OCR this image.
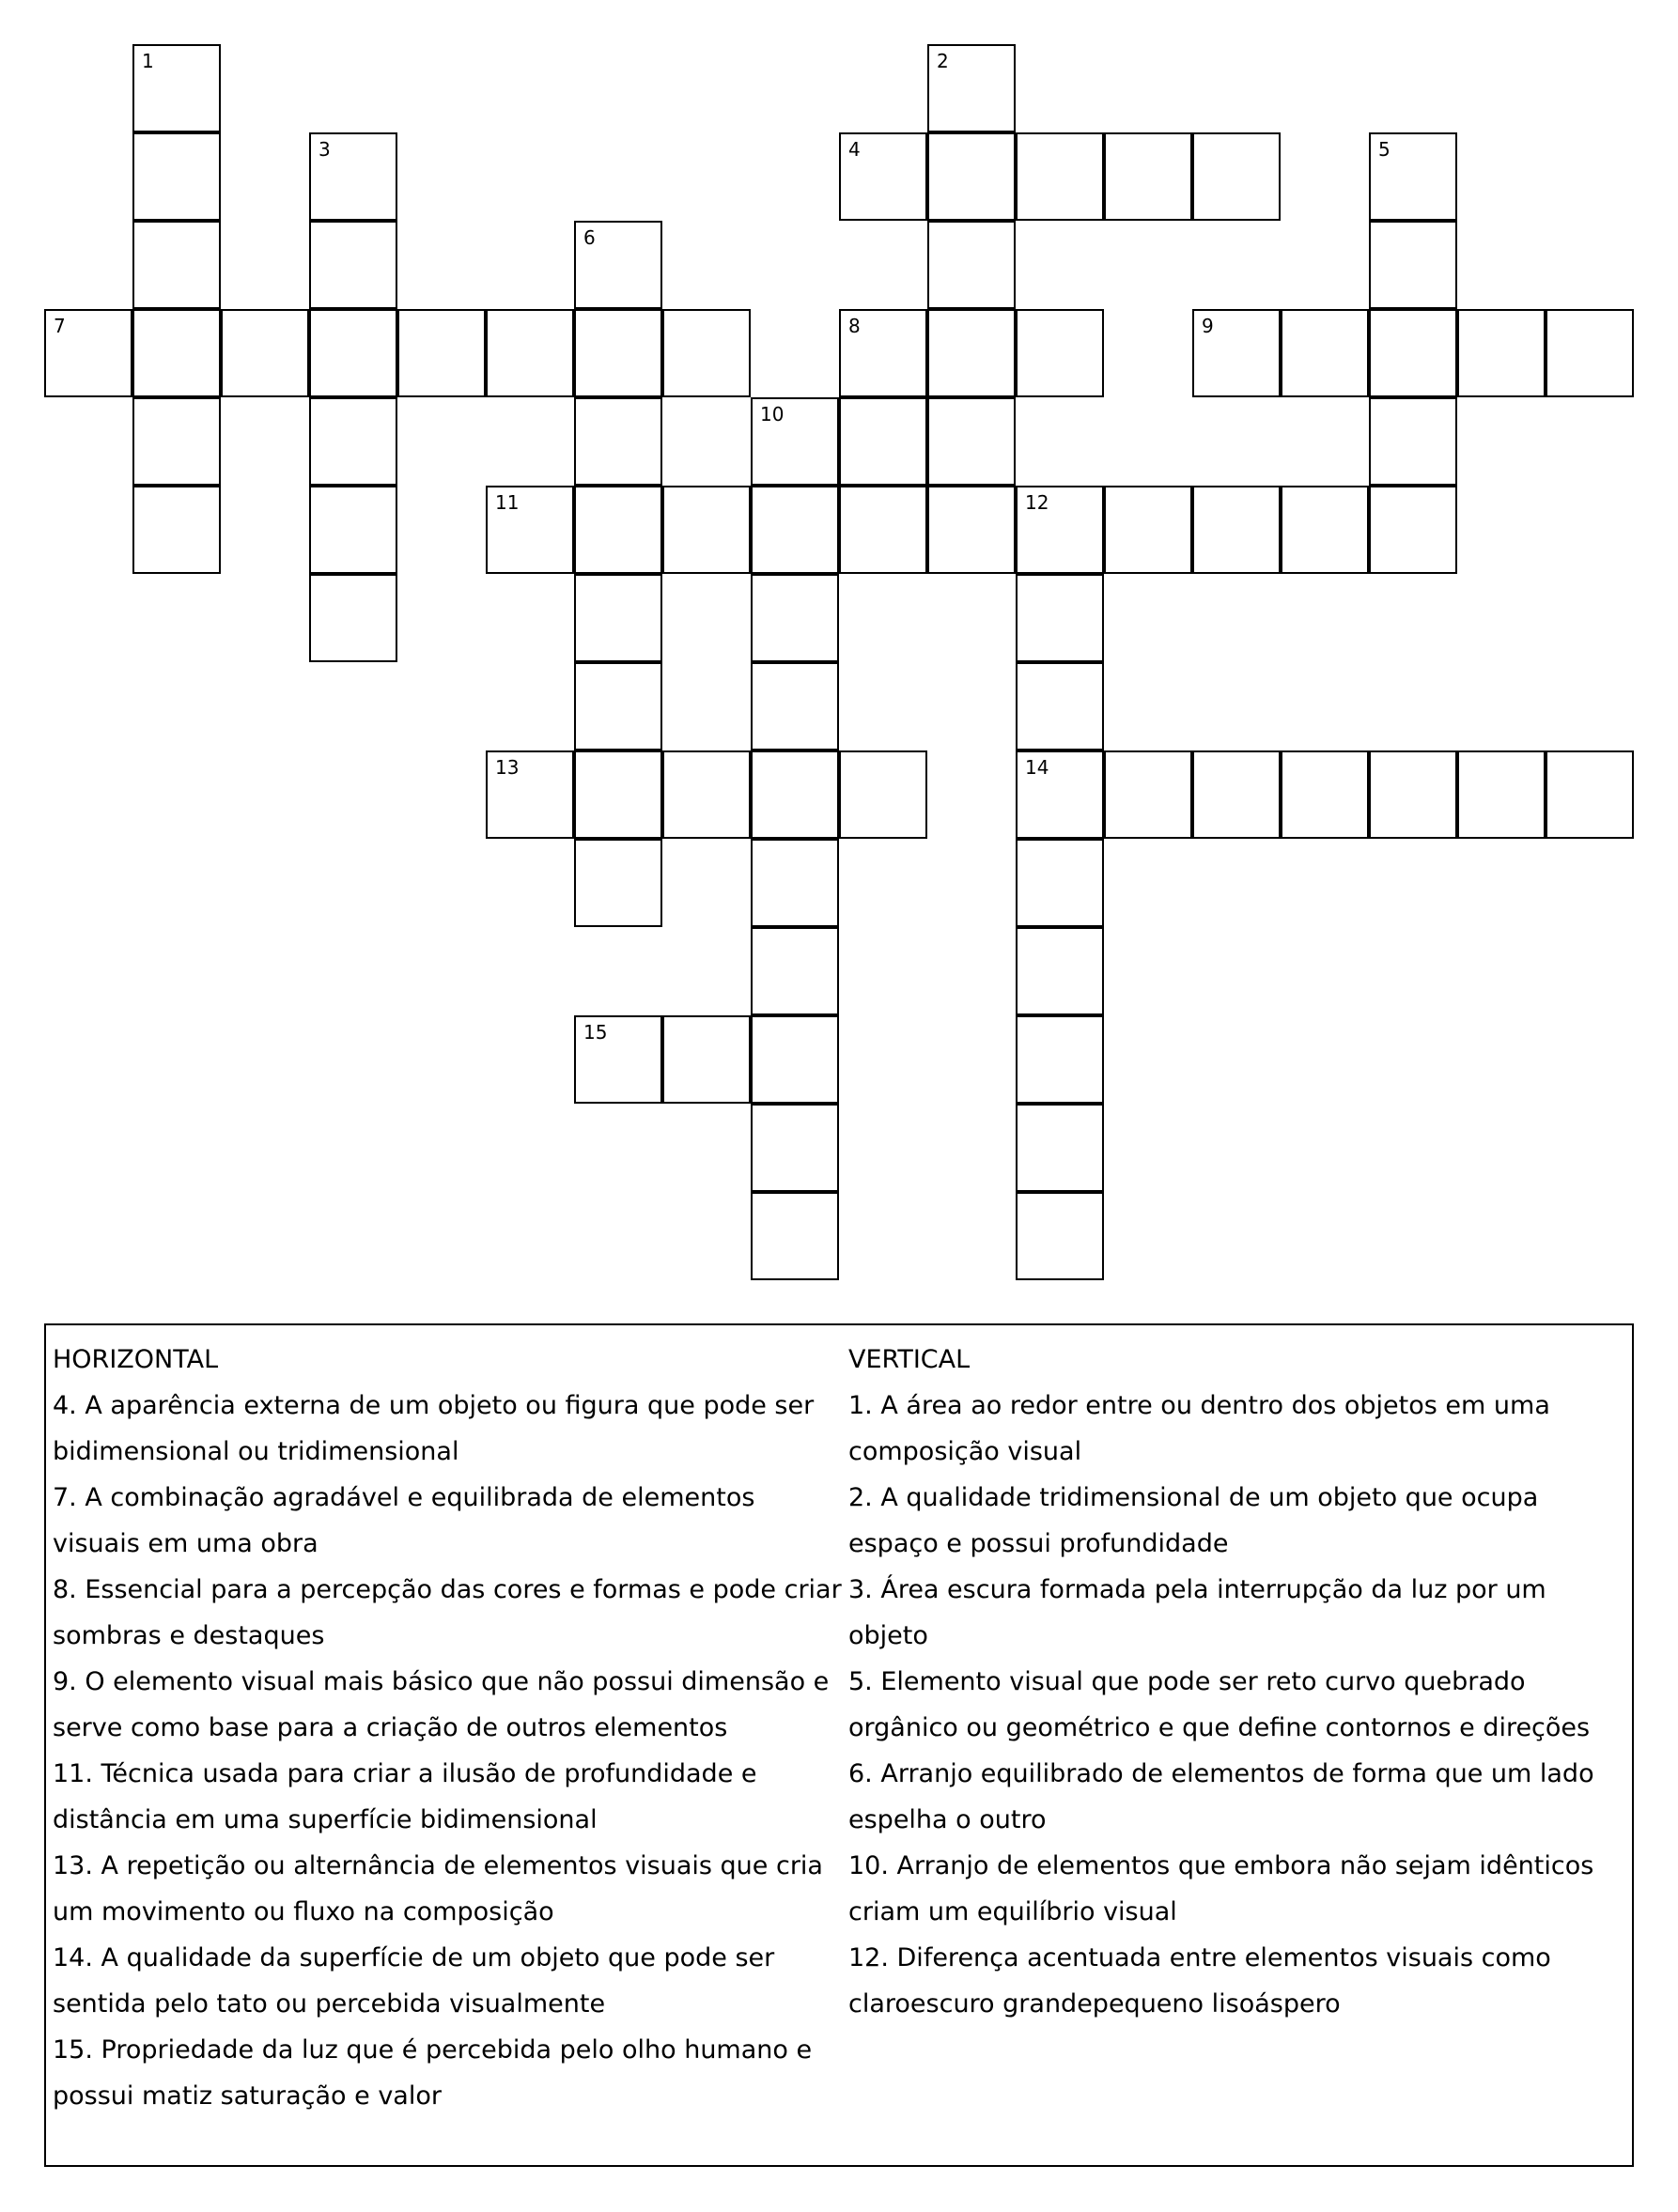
1
3
6
2
4	5
7	8	9
10
11	12
13	14
15
HORIZONTAL
4. A aparência externa de um objeto ou figura que pode ser bidimensional ou tridimensional
7. A combinação agradável e equilibrada de elementos visuais em uma obra
8. Essencial para a percepção das cores e formas e pode criar sombras e destaques
9. O elemento visual mais básico que não possui dimensão e serve como base para a criação de outros elementos
11. Técnica usada para criar a ilusão de profundidade e distância em uma superfície bidimensional
13. A repetição ou alternância de elementos visuais que cria um movimento ou fluxo na composição
14. A qualidade da superfície de um objeto que pode ser sentida pelo tato ou percebida visualmente
15. Propriedade da luz que é percebida pelo olho humano e possui matiz saturação e valor
VERTICAL
1. A área ao redor entre ou dentro dos objetos em uma composição visual
2. A qualidade tridimensional de um objeto que ocupa espaço e possui profundidade
3. Área escura formada pela interrupção da luz por um objeto
5. Elemento visual que pode ser reto curvo quebrado orgânico ou geométrico e que define contornos e direções
6. Arranjo equilibrado de elementos de forma que um lado espelha o outro
10. Arranjo de elementos que embora não sejam idênticos criam um equilíbrio visual
12. Diferença acentuada entre elementos visuais como claroescuro grandepequeno lisoáspero
